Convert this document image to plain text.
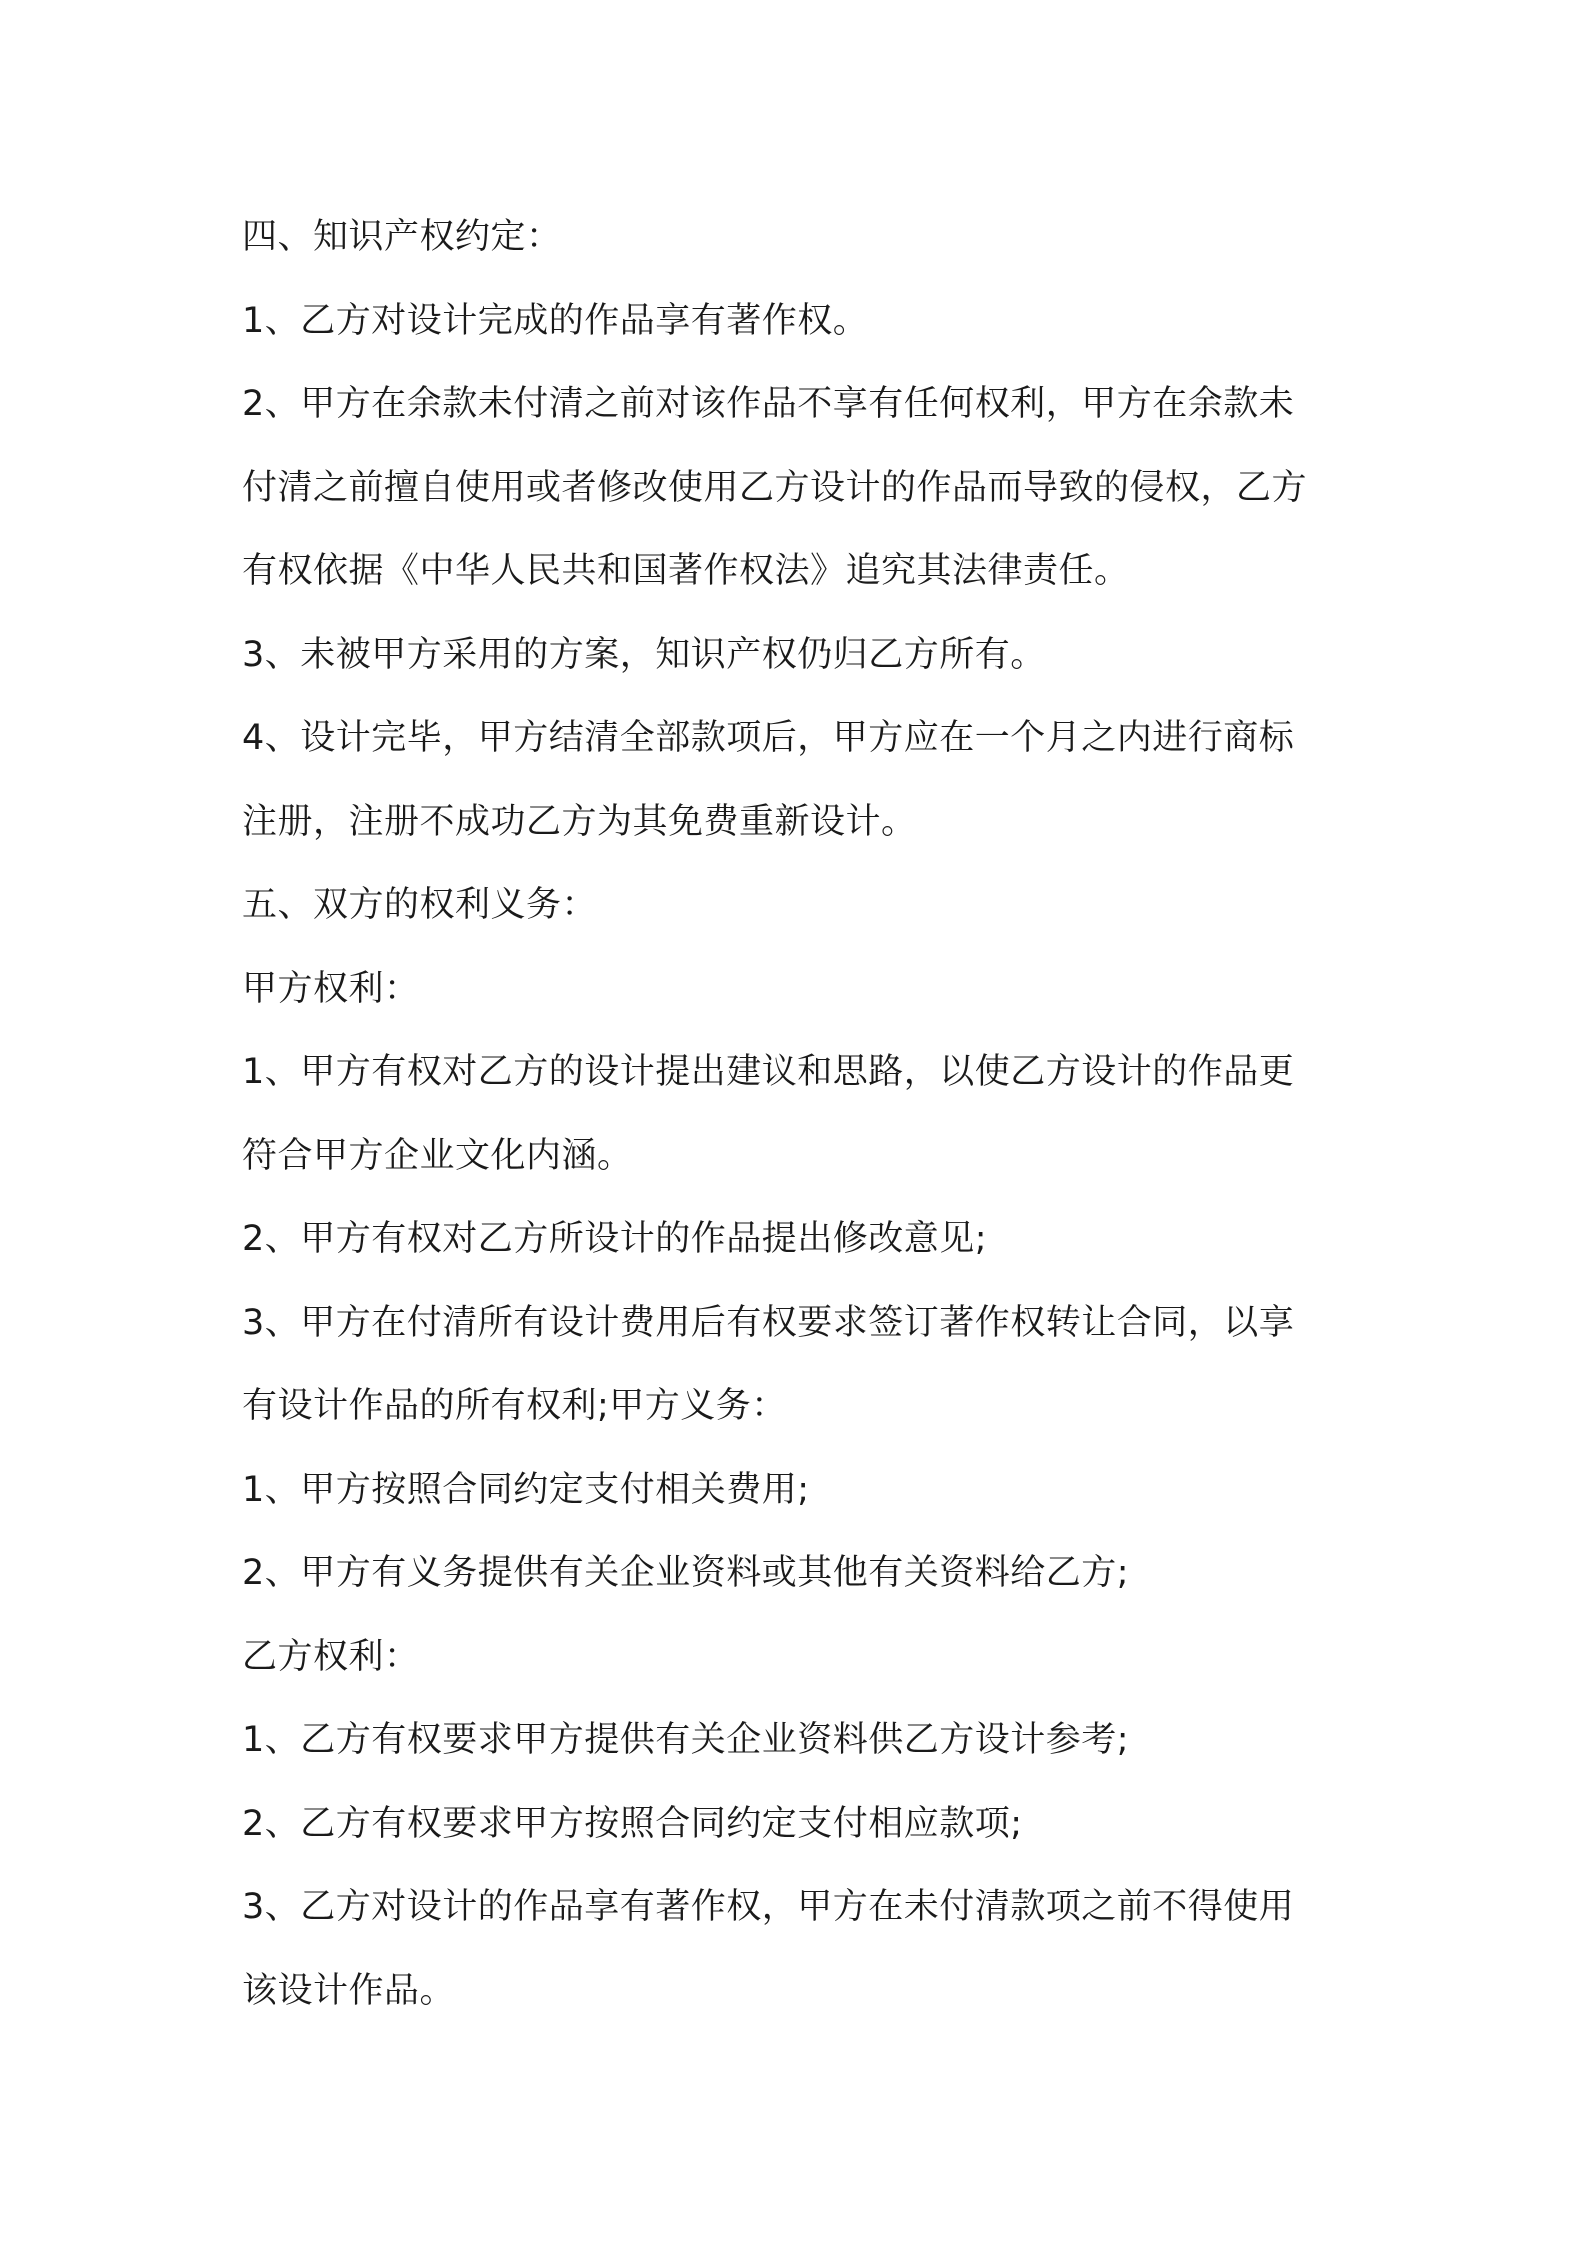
四、知识产权约定：
1、乙方对设计完成的作品享有著作权。
2、甲方在余款未付清之前对该作品不享有任何权利，甲方在余款未
付清之前擅自使用或者修改使用乙方设计的作品而导致的侵权，乙方
有权依据《中华人民共和国著作权法》追究其法律责任。
3、未被甲方采用的方案，知识产权仍归乙方所有。
4、设计完毕，甲方结清全部款项后，甲方应在一个月之内进行商标
注册，注册不成功乙方为其免费重新设计。
五、双方的权利义务：
甲方权利：
1、甲方有权对乙方的设计提出建议和思路，以使乙方设计的作品更
符合甲方企业文化内涵。
2、甲方有权对乙方所设计的作品提出修改意见;
3、甲方在付清所有设计费用后有权要求签订著作权转让合同，以享
有设计作品的所有权利;甲方义务：
1、甲方按照合同约定支付相关费用;
2、甲方有义务提供有关企业资料或其他有关资料给乙方;
乙方权利：
1、乙方有权要求甲方提供有关企业资料供乙方设计参考;
2、乙方有权要求甲方按照合同约定支付相应款项;
3、乙方对设计的作品享有著作权，甲方在未付清款项之前不得使用
该设计作品。
